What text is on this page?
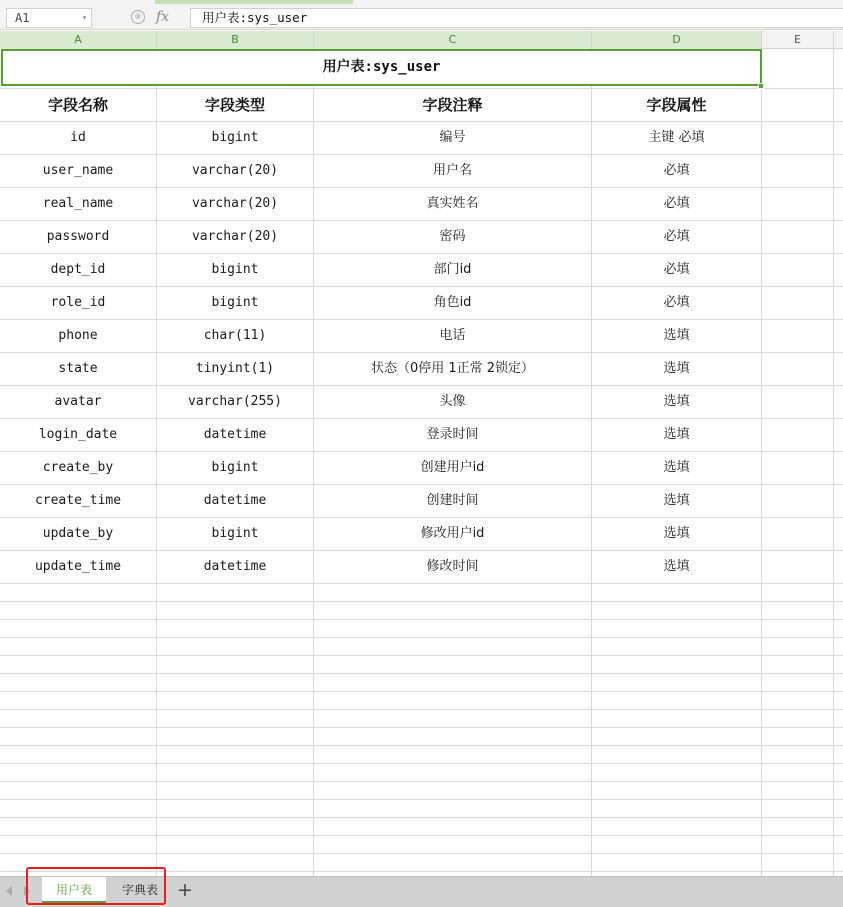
A1	▾	® fx	用户表:sys_user
A	B	C	D	E
字段名称	字段类型	字段注释	字段属性
id	bigint	编号	主键 必填
user_name	varchar(20)	用户名	必填
real_name	varchar(20)	真实姓名	必填
password	varchar(20)	密码	必填
dept_id	bigint	部门id	必填
role_id	bigint	角色id	必填
phone	char(11)	电话	选填
state	tinyint(1)	状态（0停用 1正常 2锁定）	选填
avatar	varchar(255)	头像	选填
login_date	datetime	登录时间	选填
create_by	bigint	创建用户id	选填
create_time	datetime	创建时间	选填
update_by	bigint	修改用户id	选填
update_time	datetime	修改时间	选填
用户表:sys_user
用户表	字典表	+
